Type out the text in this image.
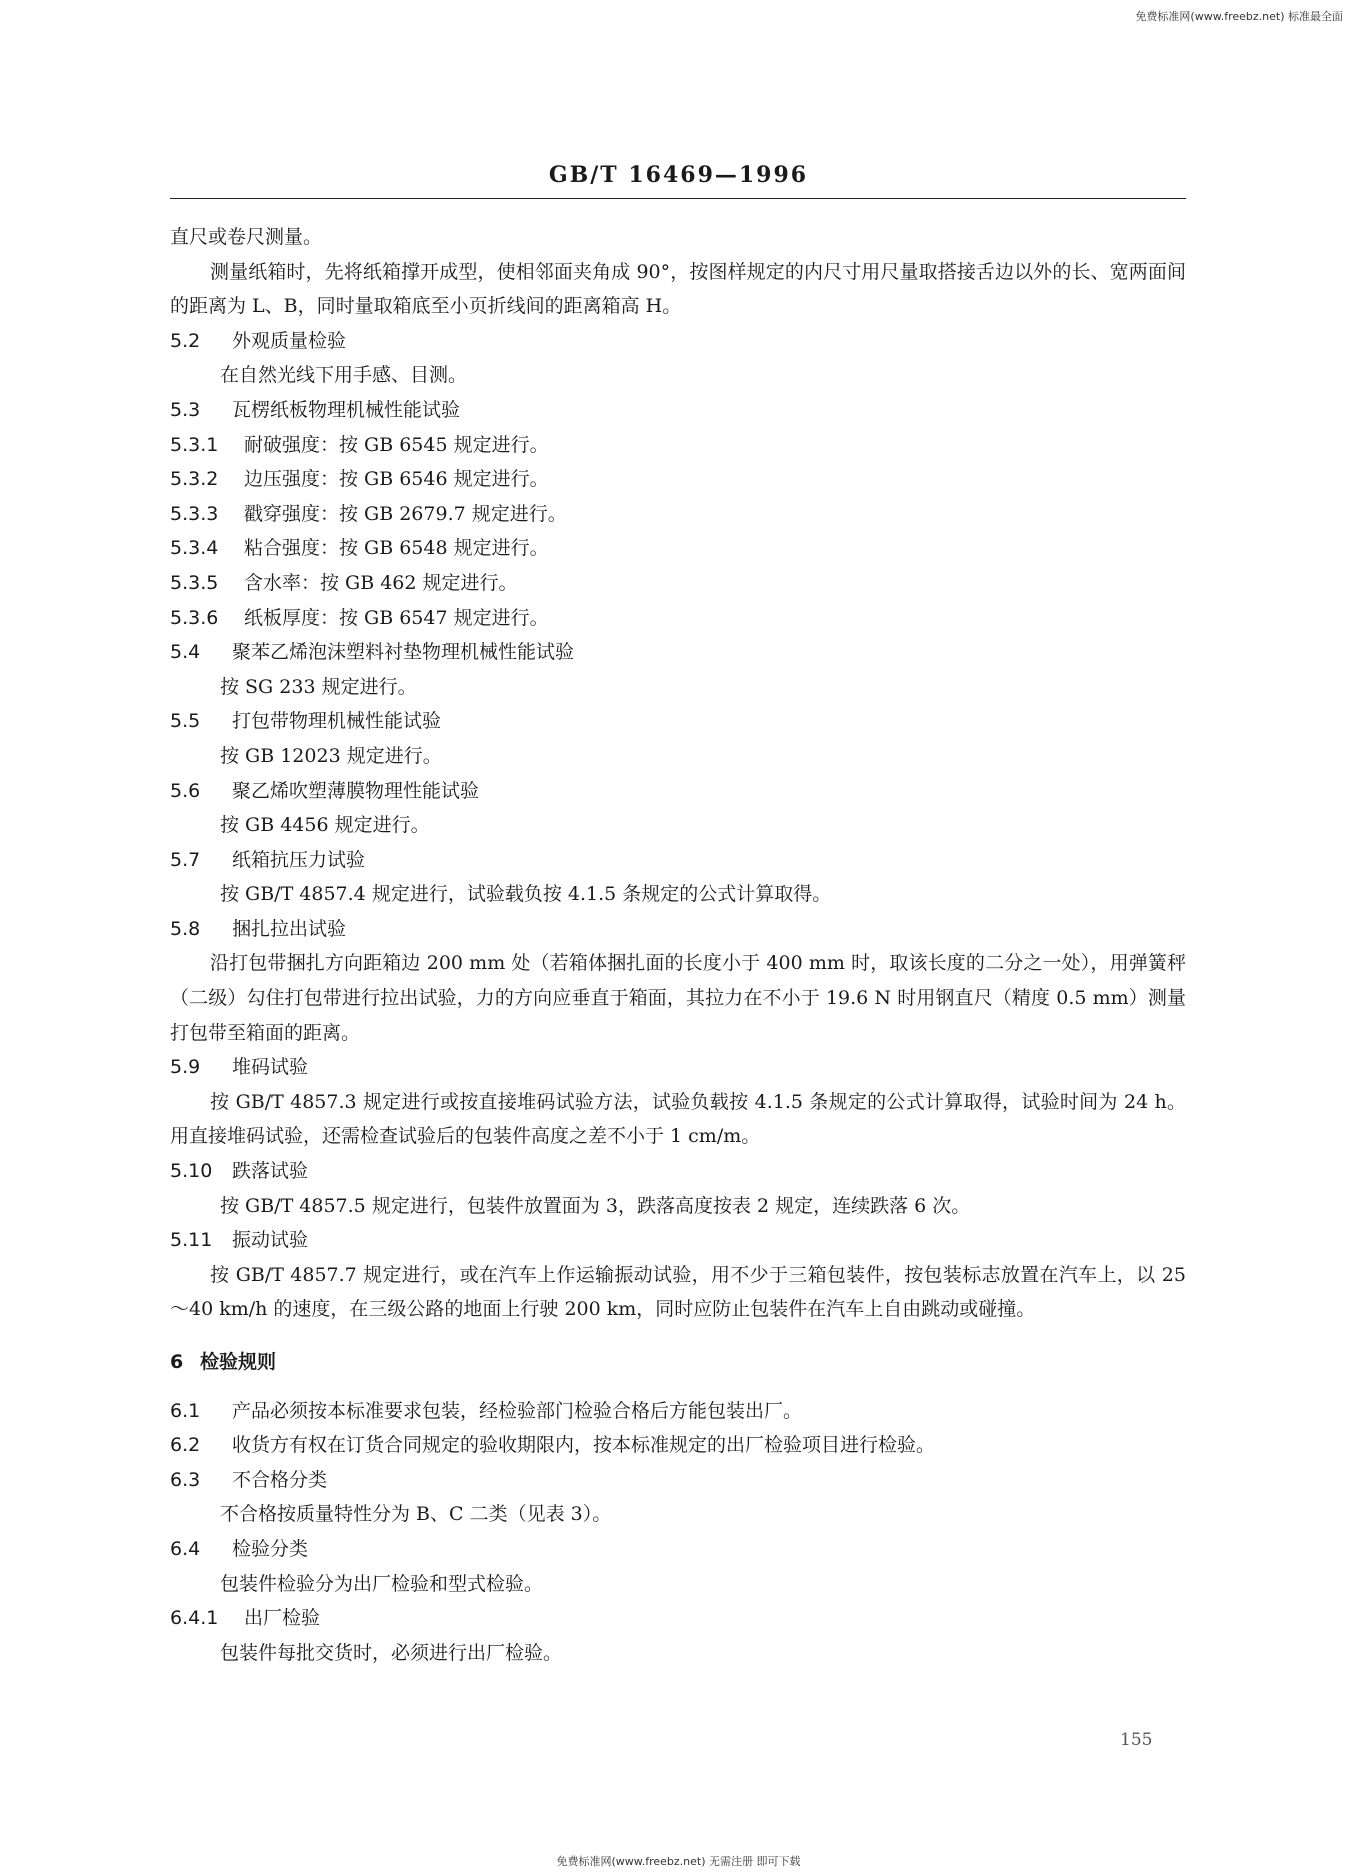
免费标准网(www.freebz.net) 标准最全面
GB/T 16469—1996

直尺或卷尺测量。

测量纸箱时，先将纸箱撑开成型，使相邻面夹角成 90°，按图样规定的内尺寸用尺量取搭接舌边以外的长、宽两面间的距离为 L、B，同时量取箱底至小页折线间的距离箱高 H。

5.2 外观质量检验

在自然光线下用手感、目测。

5.3 瓦楞纸板物理机械性能试验
5.3.1 耐破强度：按 GB 6545 规定进行。
5.3.2 边压强度：按 GB 6546 规定进行。
5.3.3 戳穿强度：按 GB 2679.7 规定进行。
5.3.4 粘合强度：按 GB 6548 规定进行。
5.3.5 含水率：按 GB 462 规定进行。
5.3.6 纸板厚度：按 GB 6547 规定进行。
5.4 聚苯乙烯泡沫塑料衬垫物理机械性能试验

按 SG 233 规定进行。

5.5 打包带物理机械性能试验

按 GB 12023 规定进行。

5.6 聚乙烯吹塑薄膜物理性能试验

按 GB 4456 规定进行。

5.7 纸箱抗压力试验

按 GB/T 4857.4 规定进行，试验载负按 4.1.5 条规定的公式计算取得。

5.8 捆扎拉出试验

沿打包带捆扎方向距箱边 200 mm 处（若箱体捆扎面的长度小于 400 mm 时，取该长度的二分之一处），用弹簧秤（二级）勾住打包带进行拉出试验，力的方向应垂直于箱面，其拉力在不小于 19.6 N 时用钢直尺（精度 0.5 mm）测量打包带至箱面的距离。

5.9 堆码试验

按 GB/T 4857.3 规定进行或按直接堆码试验方法，试验负载按 4.1.5 条规定的公式计算取得，试验时间为 24 h。用直接堆码试验，还需检查试验后的包装件高度之差不小于 1 cm/m。

5.10 跌落试验

按 GB/T 4857.5 规定进行，包装件放置面为 3，跌落高度按表 2 规定，连续跌落 6 次。

5.11 振动试验

按 GB/T 4857.7 规定进行，或在汽车上作运输振动试验，用不少于三箱包装件，按包装标志放置在汽车上，以 25～40 km/h 的速度，在三级公路的地面上行驶 200 km，同时应防止包装件在汽车上自由跳动或碰撞。

6 检验规则
6.1 产品必须按本标准要求包装，经检验部门检验合格后方能包装出厂。
6.2 收货方有权在订货合同规定的验收期限内，按本标准规定的出厂检验项目进行检验。
6.3 不合格分类

不合格按质量特性分为 B、C 二类（见表 3）。

6.4 检验分类

包装件检验分为出厂检验和型式检验。

6.4.1 出厂检验

包装件每批交货时，必须进行出厂检验。

155
免费标准网(www.freebz.net) 无需注册 即可下载
